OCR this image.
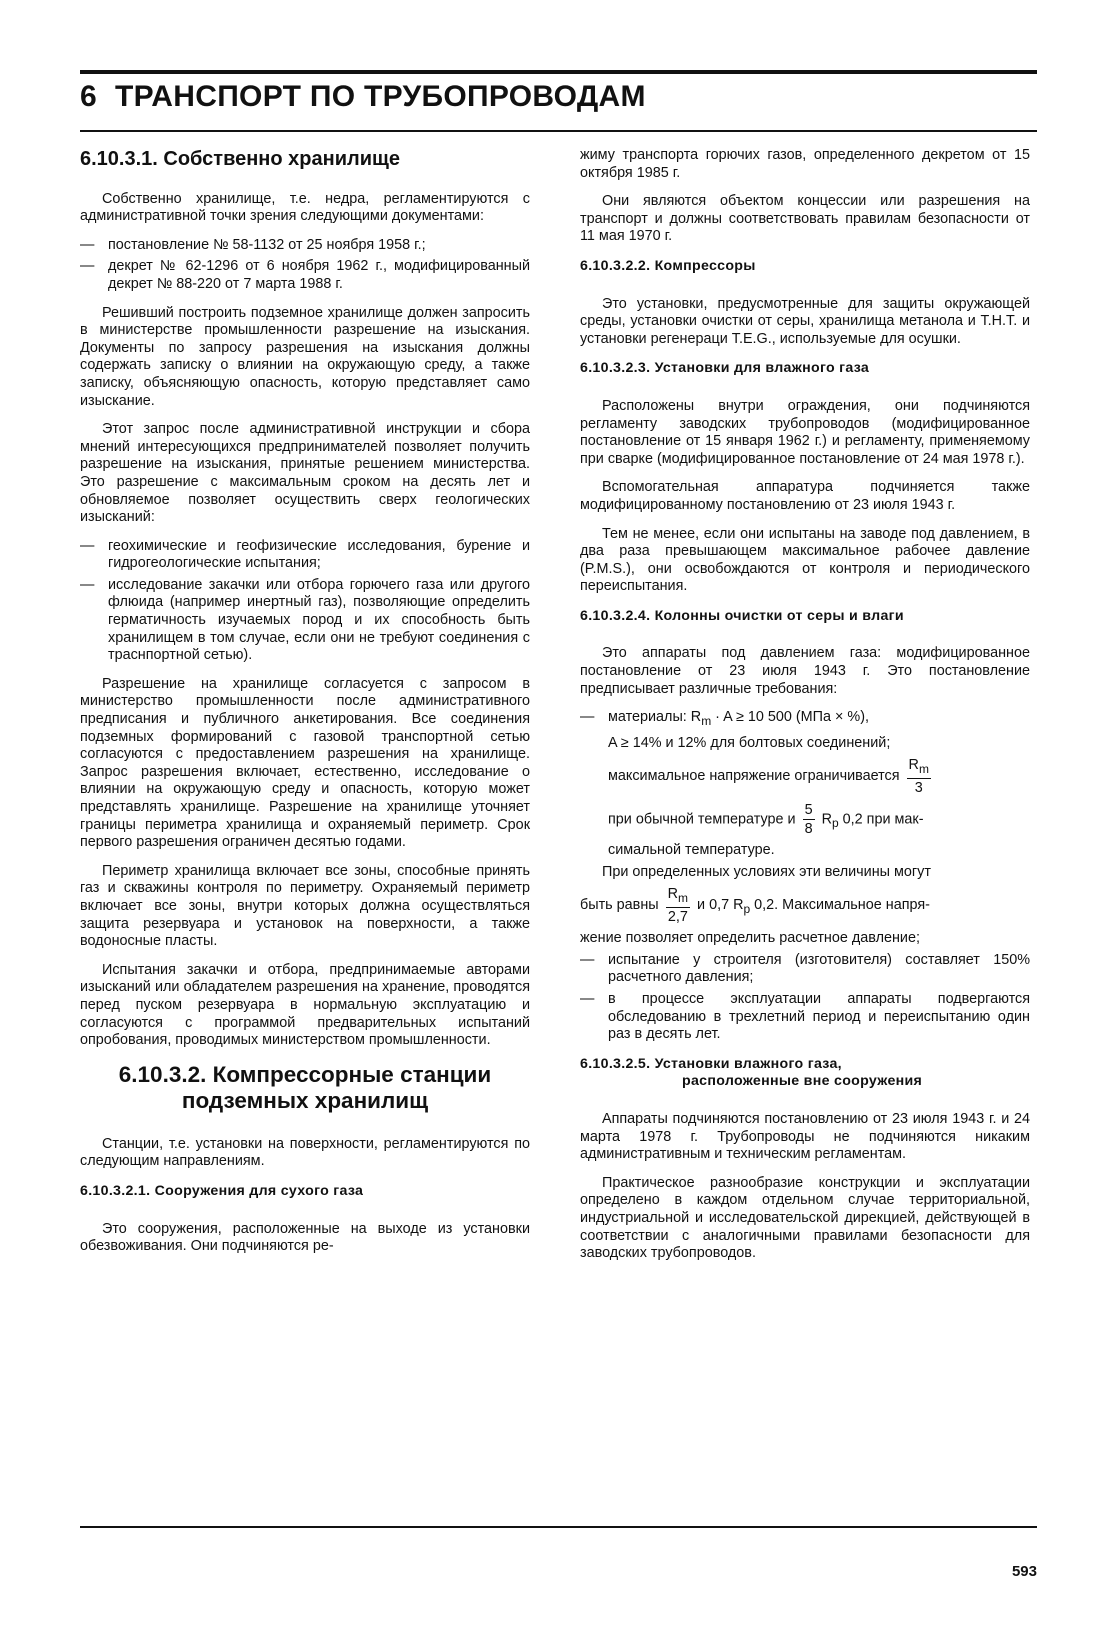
6 ТРАНСПОРТ ПО ТРУБОПРОВОДАМ
6.10.3.1. Собственно хранилище

Собственно хранилище, т.е. недра, регламентируются с административной точки зрения следующими документами:

— постановление № 58-1132 от 25 ноября 1958 г.;
— декрет № 62-1296 от 6 ноября 1962 г., модифицированный декрет № 88-220 от 7 марта 1988 г.

Решивший построить подземное хранилище должен запросить в министерстве промышленности разрешение на изыскания. Документы по запросу разрешения на изыскания должны содержать записку о влиянии на окружающую среду, а также записку, объясняющую опасность, которую представляет само изыскание.

Этот запрос после административной инструкции и сбора мнений интересующихся предпринимателей позволяет получить разрешение на изыскания, принятые решением министерства. Это разрешение с максимальным сроком на десять лет и обновляемое позволяет осуществить сверх геологических изысканий:

— геохимические и геофизические исследования, бурение и гидрогеологические испытания;
— исследование закачки или отбора горючего газа или другого флюида (например инертный газ), позволяющие определить герматичность изучаемых пород и их способность быть хранилищем в том случае, если они не требуют соединения с траснпортной сетью).

Разрешение на хранилище согласуется с запросом в министерство промышленности после административного предписания и публичного анкетирования. Все соединения подземных формирований с газовой транспортной сетью согласуются с предоставлением разрешения на хранилище. Запрос разрешения включает, естественно, исследование о влиянии на окружающую среду и опасность, которую может представлять хранилище. Разрешение на хранилище уточняет границы периметра хранилища и охраняемый периметр. Срок первого разрешения ограничен десятью годами.

Периметр хранилища включает все зоны, способные принять газ и скважины контроля по периметру. Охраняемый периметр включает все зоны, внутри которых должна осуществляться защита резервуара и установок на поверхности, а также водоносные пласты.

Испытания закачки и отбора, предпринимаемые авторами изысканий или обладателем разрешения на хранение, проводятся перед пуском резервуара в нормальную эксплуатацию и согласуются с программой предварительных испытаний опробования, проводимых министерством промышленности.

6.10.3.2. Компрессорные станции
подземных хранилищ

Станции, т.е. установки на поверхности, регламентируются по следующим направлениям.

6.10.3.2.1. Сооружения для сухого газа

Это сооружения, расположенные на выходе из установки обезвоживания. Они подчиняются ре-

жиму транспорта горючих газов, определенного декретом от 15 октября 1985 г.

Они являются объектом концессии или разрешения на транспорт и должны соответствовать правилам безопасности от 11 мая 1970 г.

6.10.3.2.2. Компрессоры

Это установки, предусмотренные для защиты окружающей среды, установки очистки от серы, хранилища метанола и Т.Н.Т. и установки регенераци Т.Е.G., используемые для осушки.

6.10.3.2.3. Установки для влажного газа

Расположены внутри ограждения, они подчиняются регламенту заводских трубопроводов (модифицированное постановление от 15 января 1962 г.) и регламенту, применяемому при сварке (модифицированное постановление от 24 мая 1978 г.).

Вспомогательная аппаратура подчиняется также модифицированному постановлению от 23 июля 1943 г.

Тем не менее, если они испытаны на заводе под давлением, в два раза превышающем максимальное рабочее давление (P.M.S.), они освобождаются от контроля и периодического переиспытания.

6.10.3.2.4. Колонны очистки от серы и влаги

Это аппараты под давлением газа: модифицированное постановление от 23 июля 1943 г. Это постановление предписывает различные требования:

— материалы: $R_m \cdot A \ge 10$ 500 (МПа × %),
A ≥ 14% и 12% для болтовых соединений;
максимальное напряжение ограничивается $\frac{R_m}{3}$
при обычной температуре и $\frac{5}{8} R_p$ 0,2 при мак-
симальной температуре.

При определенных условиях эти величины могут

быть равны $\frac{R_m}{2,7}$ и 0,7 $R_p$ 0,2. Максимальное напря-

жение позволяет определить расчетное давление;

— испытание у строителя (изготовителя) составляет 150% расчетного давления;
— в процессе эксплуатации аппараты подвергаются обследованию в трехлетний период и переиспытанию один раз в десять лет.
6.10.3.2.5. Установки влажного газа,
расположенные вне сооружения

Аппараты подчиняются постановлению от 23 июля 1943 г. и 24 марта 1978 г. Трубопроводы не подчиняются никаким административным и техническим регламентам.

Практическое разнообразие конструкции и эксплуатации определено в каждом отдельном случае территориальной, индустриальной и исследовательской дирекцией, действующей в соответствии с аналогичными правилами безопасности для заводских трубопроводов.

593
